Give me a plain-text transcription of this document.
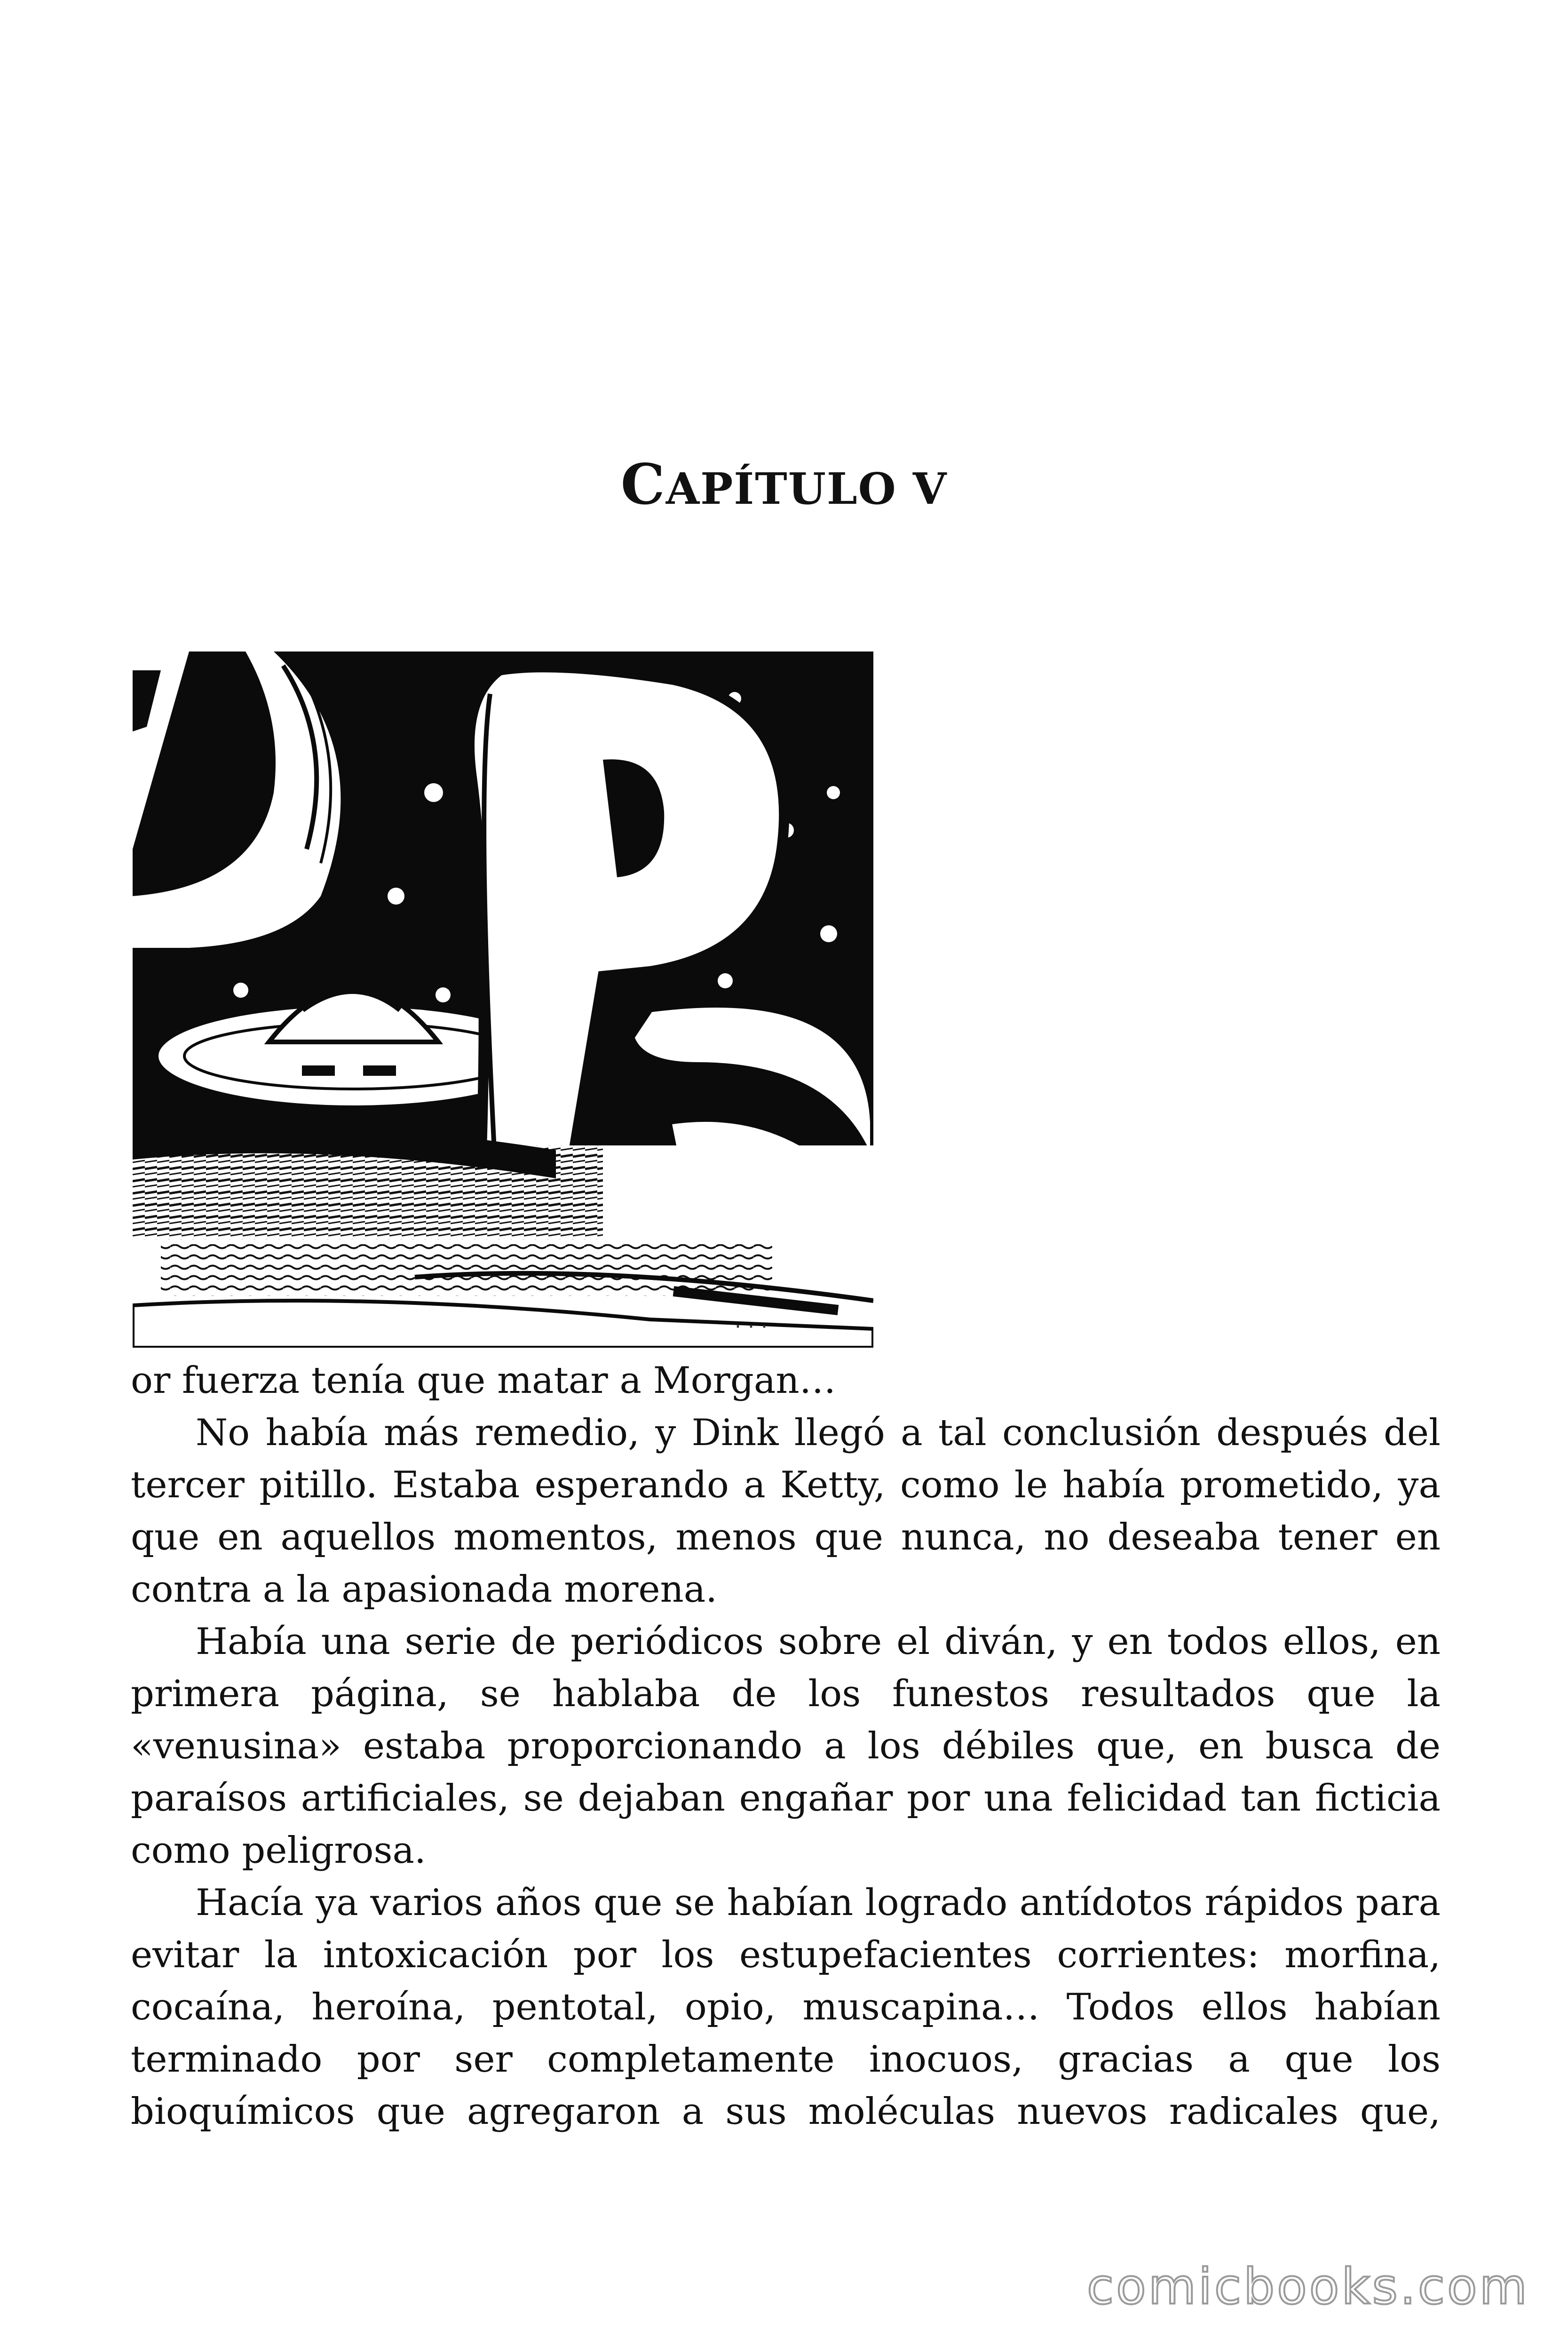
CAPÍTULO V
· · ·

or fuerza tenía que matar a Morgan…

No había más remedio, y Dink llegó a tal conclusión después del tercer pitillo. Estaba esperando a Ketty, como le había prometido, ya que en aquellos momentos, menos que nunca, no deseaba tener en contra a la apasionada morena.

Había una serie de periódicos sobre el diván, y en todos ellos, en primera página, se hablaba de los funestos resultados que la «venusina» estaba proporcionando a los débiles que, en busca de paraísos artificiales, se dejaban engañar por una felicidad tan ficticia como peligrosa.

Hacía ya varios años que se habían logrado antídotos rápidos para evitar la intoxicación por los estupefacientes corrientes: morfina, cocaína, heroína, pentotal, opio, muscapina… Todos ellos habían terminado por ser completamente inocuos, gracias a que los bioquímicos que agregaron a sus moléculas nuevos radicales que,

comicbooks.com
